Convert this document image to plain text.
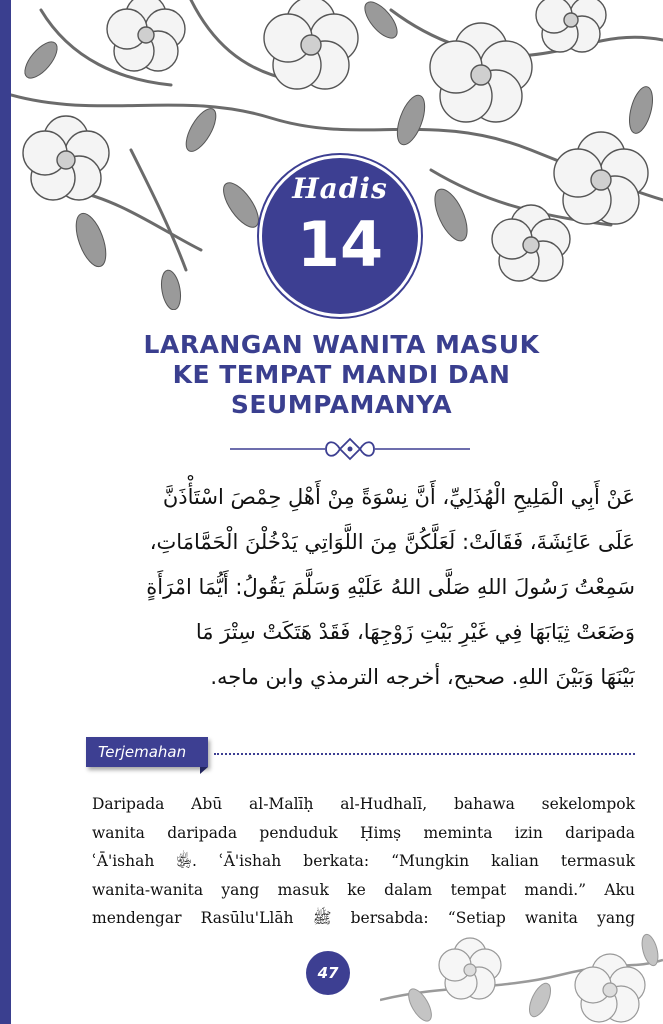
Hadis
14
LARANGAN WANITA MASUK
KE TEMPAT MANDI DAN
SEUMPAMANYA
عَنْ أَبِي الْمَلِيحِ الْهُذَلِيِّ، أَنَّ نِسْوَةً مِنْ أَهْلِ حِمْصَ اسْتَأْذَنَّ
عَلَى عَائِشَةَ، فَقَالَتْ: لَعَلَّكُنَّ مِنَ اللَّوَاتِي يَدْخُلْنَ الْحَمَّامَاتِ،
سَمِعْتُ رَسُولَ اللهِ صَلَّى اللهُ عَلَيْهِ وَسَلَّمَ يَقُولُ: أَيُّمَا امْرَأَةٍ
وَضَعَتْ ثِيَابَهَا فِي غَيْرِ بَيْتِ زَوْجِهَا، فَقَدْ هَتَكَتْ سِتْرَ مَا
بَيْنَهَا وَبَيْنَ اللهِ. صحيح، أخرجه الترمذي وابن ماجه.
Terjemahan
Daripada Abū al-Malīḥ al-Hudhalī, bahawa sekelompok
wanita daripada penduduk Ḥimṣ meminta izin daripada
ʿĀ'ishah ﵂. ʿĀ'ishah berkata: “Mungkin kalian termasuk
wanita-wanita yang masuk ke dalam tempat mandi.” Aku
mendengar Rasūlu'Llāh ﷺ bersabda: “Setiap wanita yang
47
